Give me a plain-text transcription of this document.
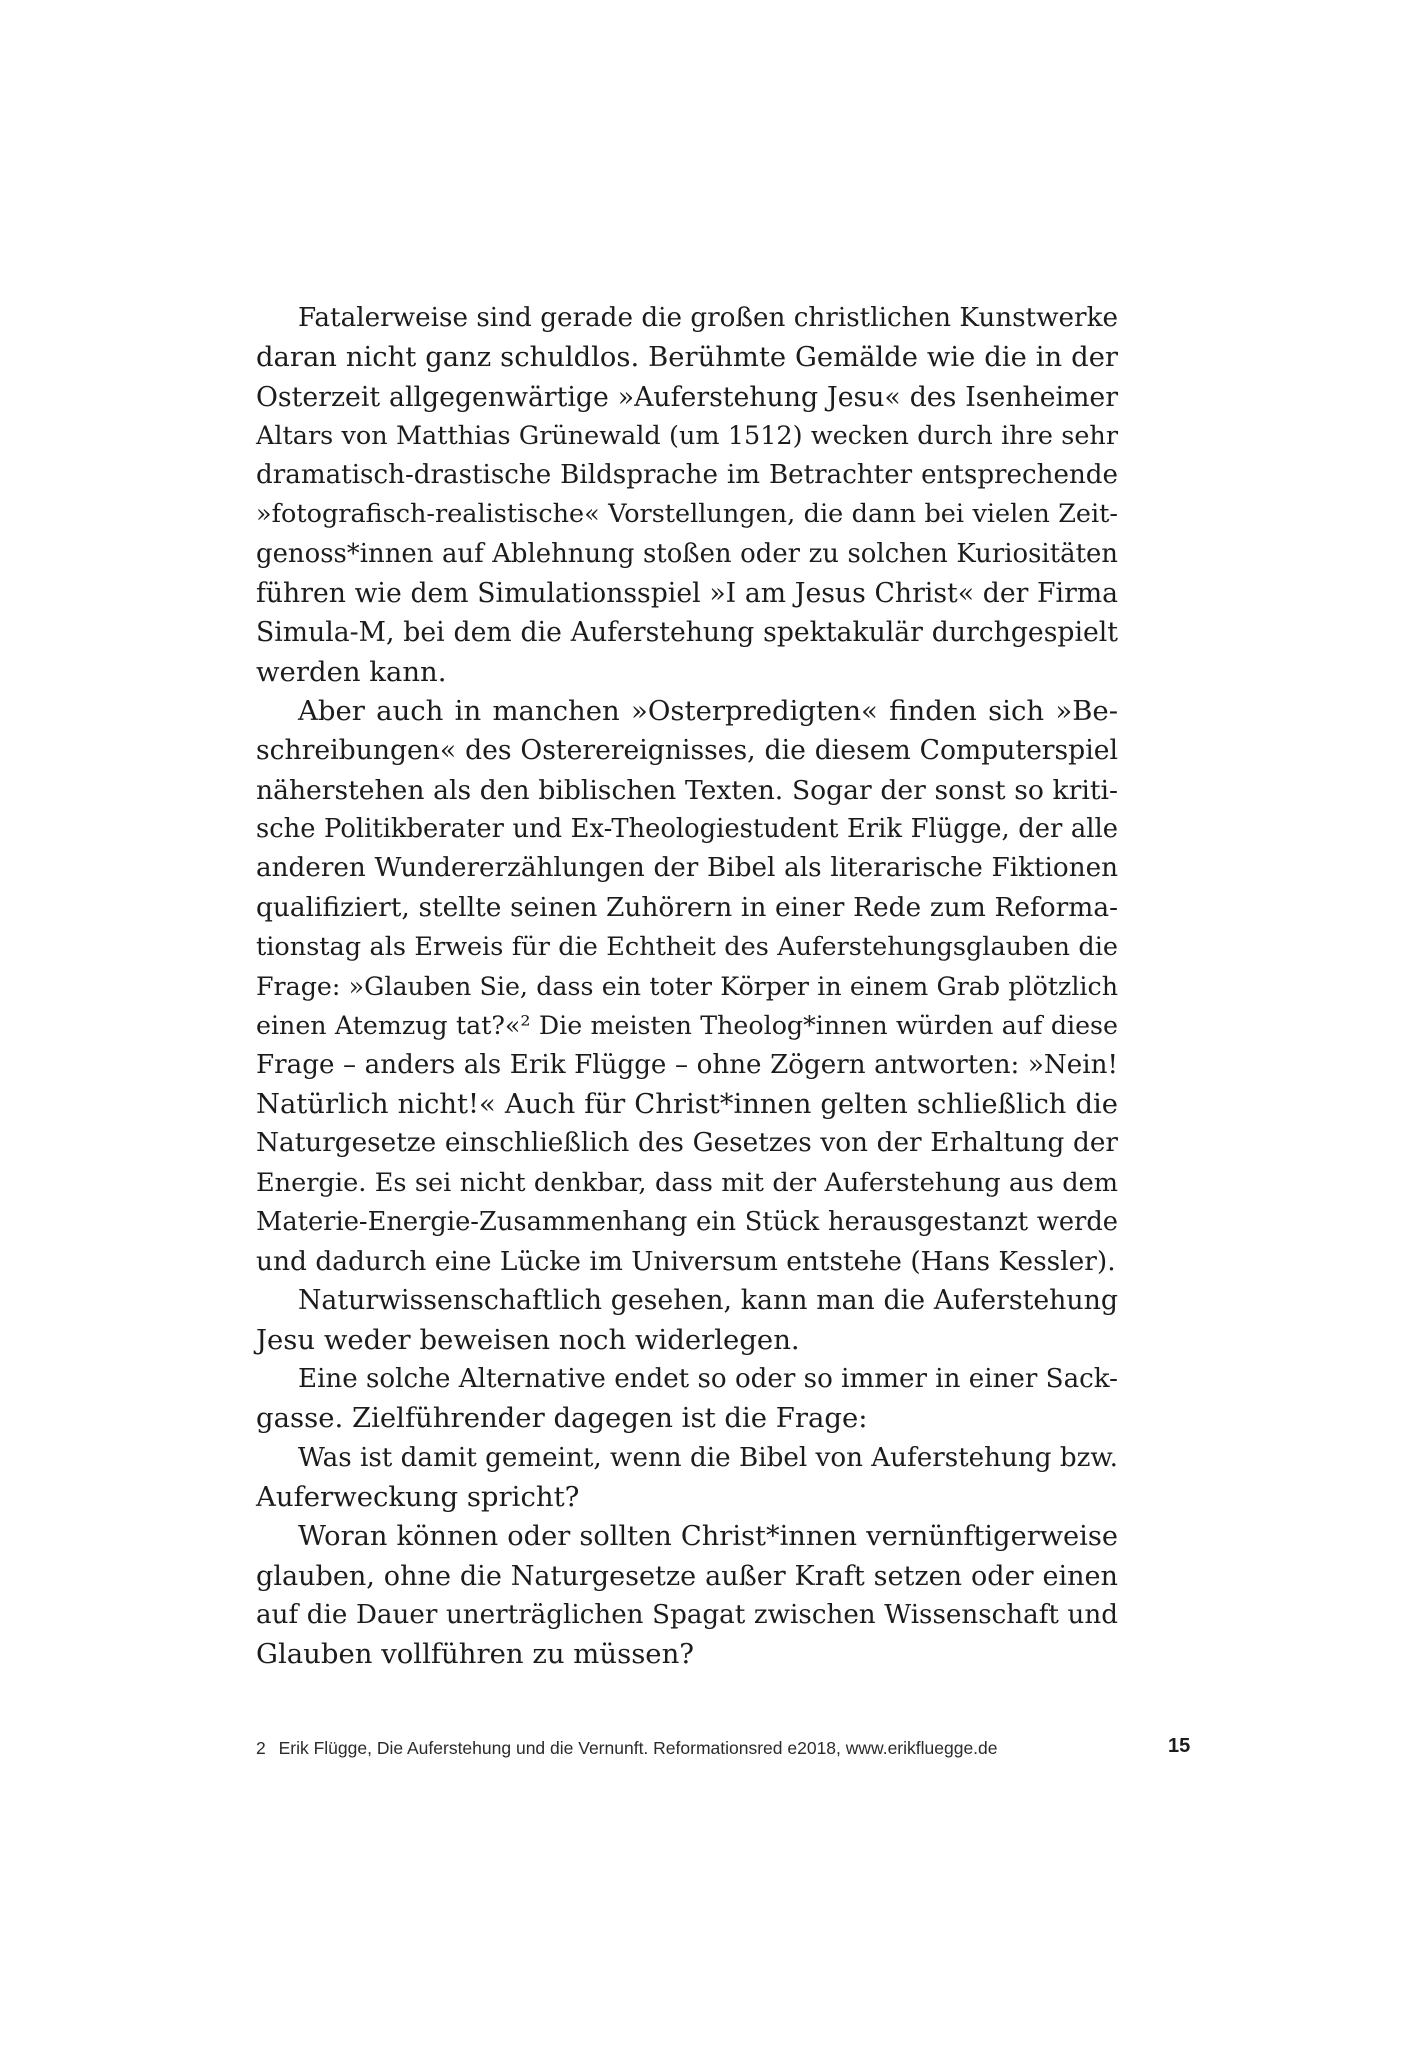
Fatalerweise sind gerade die großen christlichen Kunstwerke
daran nicht ganz schuldlos. Berühmte Gemälde wie die in der
Osterzeit allgegenwärtige »Auferstehung Jesu« des Isenheimer
Altars von Matthias Grünewald (um 1512) wecken durch ihre sehr
dramatisch-drastische Bildsprache im Betrachter entsprechende
»fotografisch-realistische« Vorstellungen, die dann bei vielen Zeit-
genoss*innen auf Ablehnung stoßen oder zu solchen Kuriositäten
führen wie dem Simulationsspiel »I am Jesus Christ« der Firma
Simula-M, bei dem die Auferstehung spektakulär durchgespielt
werden kann.
Aber auch in manchen »Osterpredigten« finden sich »Be-
schreibungen« des Osterereignisses, die diesem Computerspiel
näherstehen als den biblischen Texten. Sogar der sonst so kriti-
sche Politikberater und Ex-Theologiestudent Erik Flügge, der alle
anderen Wundererzählungen der Bibel als literarische Fiktionen
qualifiziert, stellte seinen Zuhörern in einer Rede zum Reforma-
tionstag als Erweis für die Echtheit des Auferstehungsglauben die
Frage: »Glauben Sie, dass ein toter Körper in einem Grab plötzlich
einen Atemzug tat?«² Die meisten Theolog*innen würden auf diese
Frage – anders als Erik Flügge – ohne Zögern antworten: »Nein!
Natürlich nicht!« Auch für Christ*innen gelten schließlich die
Naturgesetze einschließlich des Gesetzes von der Erhaltung der
Energie. Es sei nicht denkbar, dass mit der Auferstehung aus dem
Materie-Energie-Zusammenhang ein Stück herausgestanzt werde
und dadurch eine Lücke im Universum entstehe (Hans Kessler).
Naturwissenschaftlich gesehen, kann man die Auferstehung
Jesu weder beweisen noch widerlegen.
Eine solche Alternative endet so oder so immer in einer Sack-
gasse. Zielführender dagegen ist die Frage:
Was ist damit gemeint, wenn die Bibel von Auferstehung bzw.
Auferweckung spricht?
Woran können oder sollten Christ*innen vernünftigerweise
glauben, ohne die Naturgesetze außer Kraft setzen oder einen
auf die Dauer unerträglichen Spagat zwischen Wissenschaft und
Glauben vollführen zu müssen?
2 Erik Flügge, Die Auferstehung und die Vernunft. Reformationsred e2018, www.erikfluegge.de	15
